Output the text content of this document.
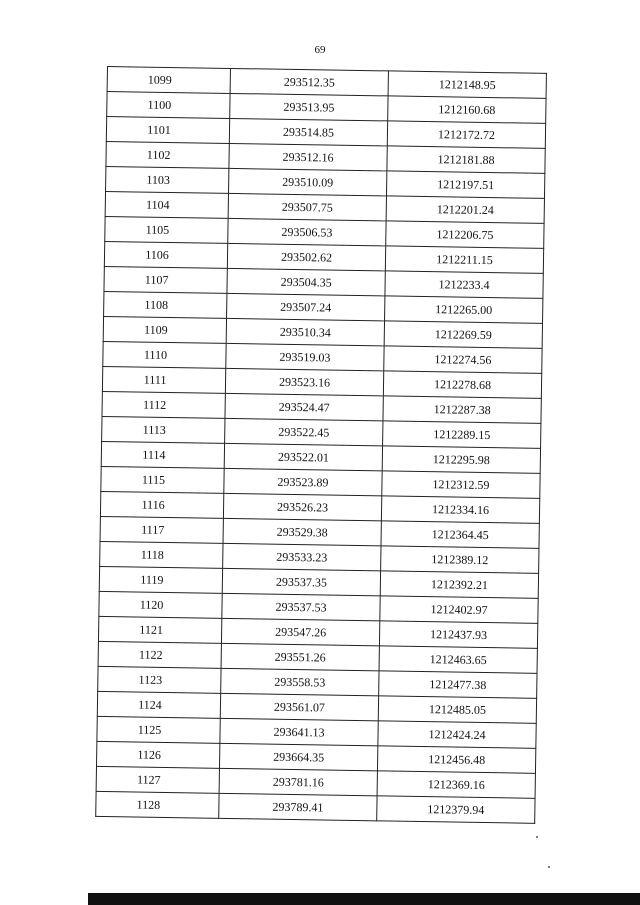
69
1099	293512.35	1212148.95
1100	293513.95	1212160.68
1101	293514.85	1212172.72
1102	293512.16	1212181.88
1103	293510.09	1212197.51
1104	293507.75	1212201.24
1105	293506.53	1212206.75
1106	293502.62	1212211.15
1107	293504.35	1212233.4
1108	293507.24	1212265.00
1109	293510.34	1212269.59
1110	293519.03	1212274.56
1111	293523.16	1212278.68
1112	293524.47	1212287.38
1113	293522.45	1212289.15
1114	293522.01	1212295.98
1115	293523.89	1212312.59
1116	293526.23	1212334.16
1117	293529.38	1212364.45
1118	293533.23	1212389.12
1119	293537.35	1212392.21
1120	293537.53	1212402.97
1121	293547.26	1212437.93
1122	293551.26	1212463.65
1123	293558.53	1212477.38
1124	293561.07	1212485.05
1125	293641.13	1212424.24
1126	293664.35	1212456.48
1127	293781.16	1212369.16
1128	293789.41	1212379.94
